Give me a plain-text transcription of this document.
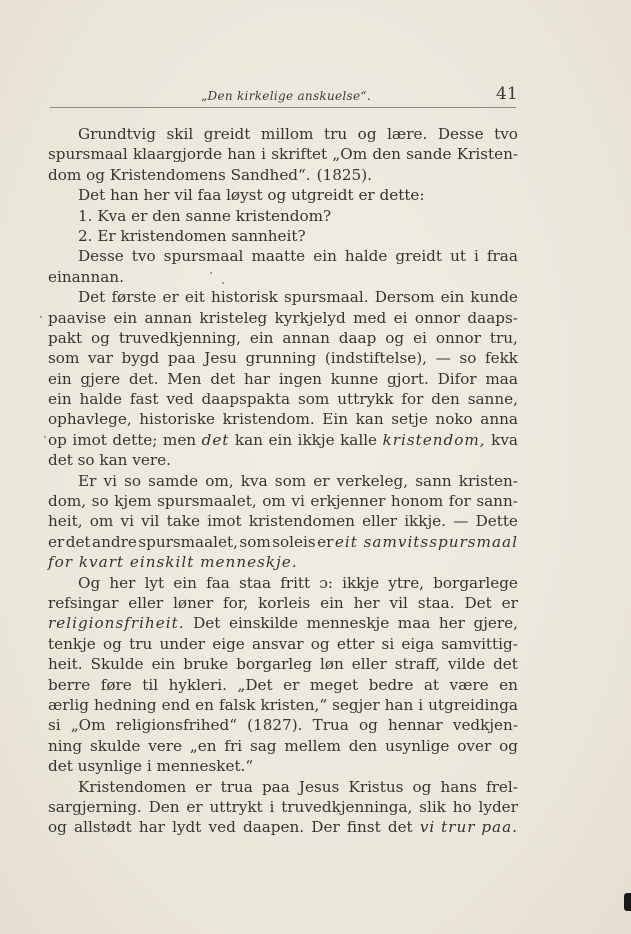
„Den kirkelige anskuelse“.	41
Grundtvig skil greidt millom tru og lære. Desse tvo
spursmaal klaargjorde han i skriftet „Om den sande Kristen-
dom og Kristendomens Sandhed“. (1825).
Det han her vil faa løyst og utgreidt er dette:
1. Kva er den sanne kristendom?
2. Er kristendomen sannheit?
Desse tvo spursmaal maatte ein halde greidt ut i fraa
einannan.
Det første er eit historisk spursmaal. Dersom ein kunde
paavise ein annan kristeleg kyrkjelyd med ei onnor daaps-
pakt og truvedkjenning, ein annan daap og ei onnor tru,
som var bygd paa Jesu grunning (indstiftelse), — so fekk
ein gjere det. Men det har ingen kunne gjort. Difor maa
ein halde fast ved daapspakta som uttrykk for den sanne,
ophavlege, historiske kristendom. Ein kan setje noko anna
op imot dette; men det kan ein ikkje kalle kristendom, kva
det so kan vere.
Er vi so samde om, kva som er verkeleg, sann kristen-
dom, so kjem spursmaalet, om vi erkjenner honom for sann-
heit, om vi vil take imot kristendomen eller ikkje. — Dette
er det andre spursmaalet, som soleis er eit samvitsspursmaal
for kvart einskilt menneskje.
Og her lyt ein faa staa fritt ɔ: ikkje ytre, borgarlege
refsingar eller løner for, korleis ein her vil staa. Det er
religionsfriheit. Det einskilde menneskje maa her gjere,
tenkje og tru under eige ansvar og etter si eiga samvittig-
heit. Skulde ein bruke borgarleg løn eller straff, vilde det
berre føre til hykleri. „Det er meget bedre at være en
ærlig hedning end en falsk kristen,“ segjer han i utgreidinga
si „Om religionsfrihed“ (1827). Trua og hennar vedkjen-
ning skulde vere „en fri sag mellem den usynlige over og
det usynlige i mennesket.“
Kristendomen er trua paa Jesus Kristus og hans frel-
sargjerning. Den er uttrykt i truvedkjenninga, slik ho lyder
og allstødt har lydt ved daapen. Der finst det vi trur paa.
